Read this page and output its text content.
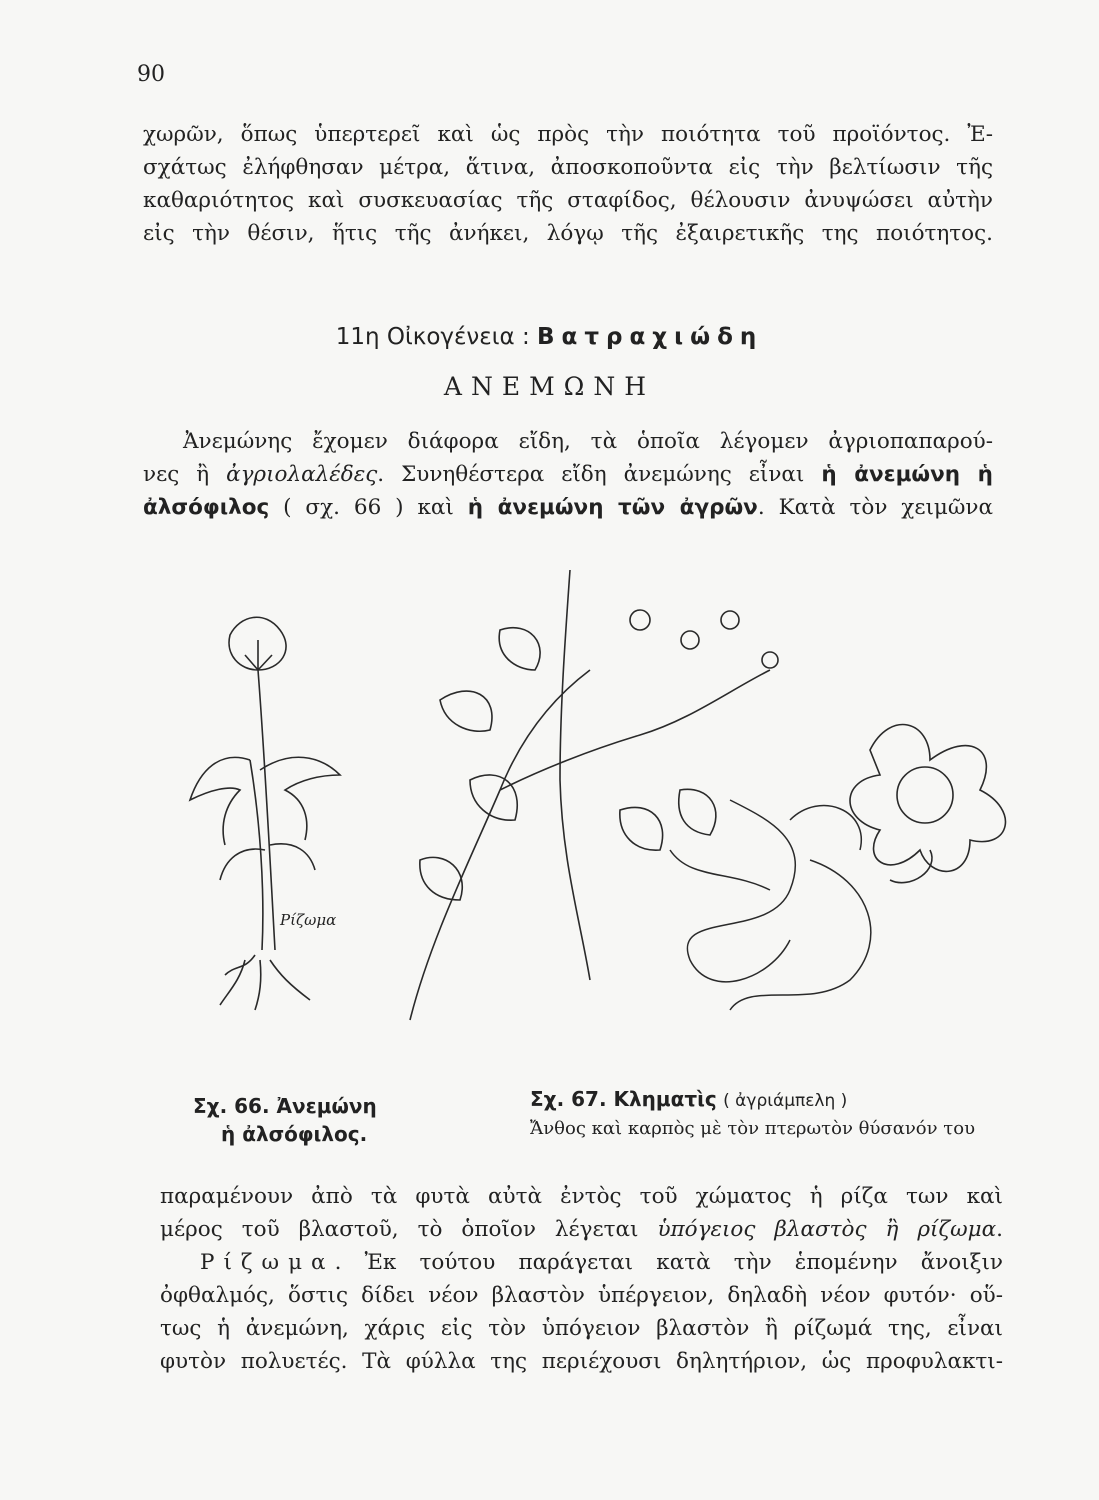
90
χωρῶν, ὅπως ὑπερτερεῖ καὶ ὡς πρὸς τὴν ποιότητα τοῦ προϊόντος. Ἐ-
σχάτως ἐλήφθησαν μέτρα, ἅτινα, ἀποσκοποῦντα εἰς τὴν βελτίωσιν τῆς
καθαριότητος καὶ συσκευασίας τῆς σταφίδος, θέλουσιν ἀνυψώσει αὐτὴν
εἰς τὴν θέσιν, ἥτις τῆς ἀνήκει, λόγῳ τῆς ἐξαιρετικῆς της ποιότητος.
11η Οἰκογένεια : Βατραχιώδη
ΑΝΕΜΩΝΗ
Ἀνεμώνης ἔχομεν διάφορα εἴδη, τὰ ὁποῖα λέγομεν ἀγριοπαπαρού-
νες ἢ ἀγριολαλέδες. Συνηθέστερα εἴδη ἀνεμώνης εἶναι ἡ ἀνεμώνη ἡ
ἀλσόφιλος ( σχ. 66 ) καὶ ἡ ἀνεμώνη τῶν ἀγρῶν. Κατὰ τὸν χειμῶνα
Ρίζωμα
Σχ. 66. Ἀνεμώνη
ἡ ἀλσόφιλος.
Σχ. 67. Κληματὶς ( ἀγριάμπελη )
Ἄνθος καὶ καρπὸς μὲ τὸν πτερωτὸν θύσανόν του
παραμένουν ἀπὸ τὰ φυτὰ αὐτὰ ἐντὸς τοῦ χώματος ἡ ρίζα των καὶ
μέρος τοῦ βλαστοῦ, τὸ ὁποῖον λέγεται ὑπόγειος βλαστὸς ἢ ρίζωμα.
Ρίζωμα. Ἐκ τούτου παράγεται κατὰ τὴν ἑπομένην ἄνοιξιν
ὀφθαλμός, ὅστις δίδει νέον βλαστὸν ὑπέργειον, δηλαδὴ νέον φυτόν· οὕ-
τως ἡ ἀνεμώνη, χάρις εἰς τὸν ὑπόγειον βλαστὸν ἢ ρίζωμά της, εἶναι
φυτὸν πολυετές. Τὰ φύλλα της περιέχουσι δηλητήριον, ὡς προφυλακτι-
